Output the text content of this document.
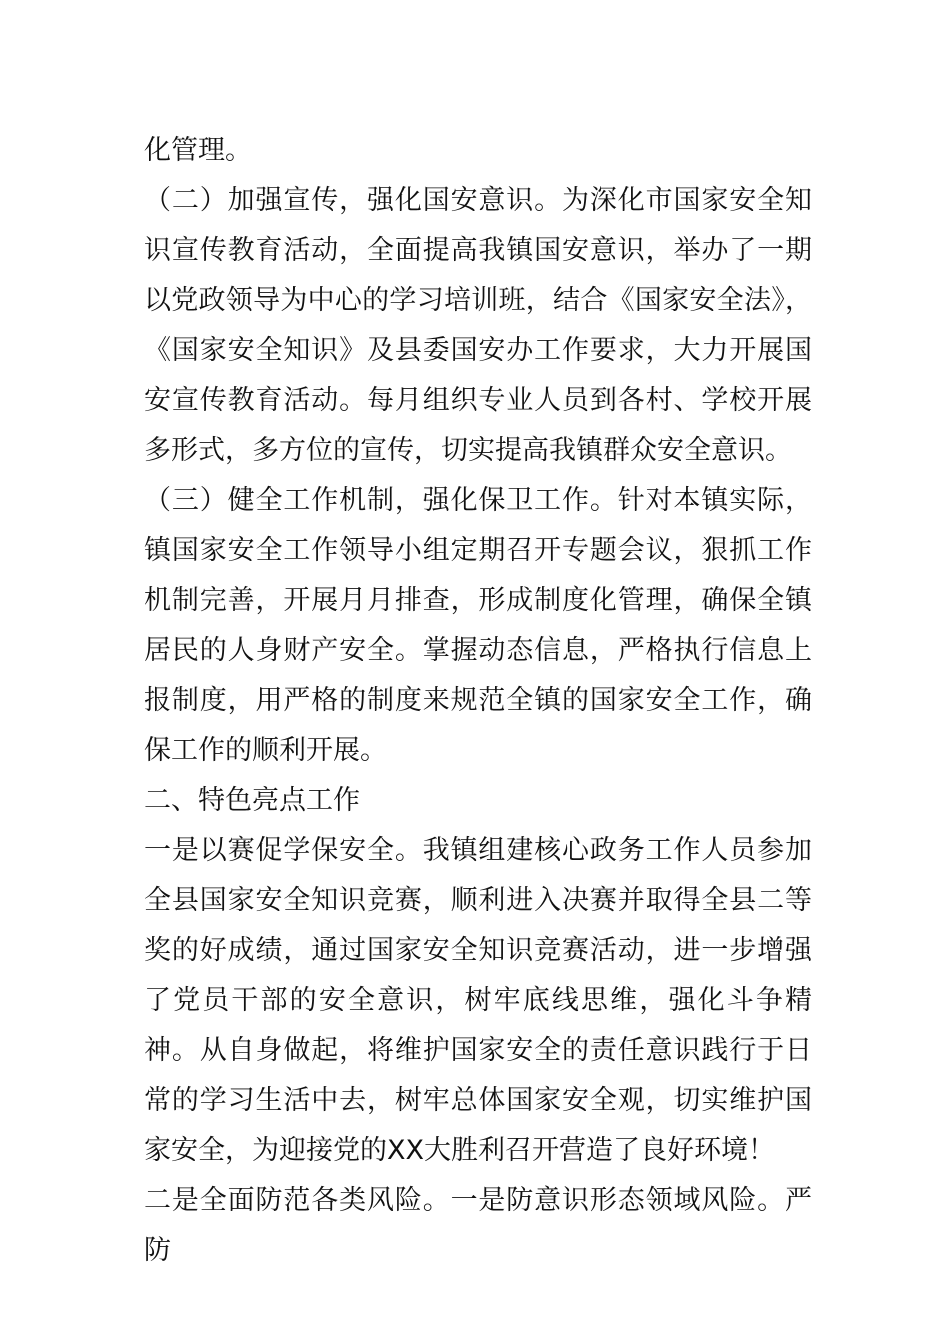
化管理。

（二）加强宣传，强化国安意识。为深化市国家安全知识宣传教育活动，全面提高我镇国安意识，举办了一期以党政领导为中心的学习培训班，结合《国家安全法》，《国家安全知识》及县委国安办工作要求，大力开展国安宣传教育活动。每月组织专业人员到各村、学校开展多形式，多方位的宣传，切实提高我镇群众安全意识。

（三）健全工作机制，强化保卫工作。针对本镇实际，镇国家安全工作领导小组定期召开专题会议，狠抓工作机制完善，开展月月排查，形成制度化管理，确保全镇居民的人身财产安全。掌握动态信息，严格执行信息上报制度，用严格的制度来规范全镇的国家安全工作，确保工作的顺利开展。

二、特色亮点工作

一是以赛促学保安全。我镇组建核心政务工作人员参加全县国家安全知识竞赛，顺利进入决赛并取得全县二等奖的好成绩，通过国家安全知识竞赛活动，进一步增强了党员干部的安全意识，树牢底线思维，强化斗争精神。从自身做起，将维护国家安全的责任意识践行于日常的学习生活中去，树牢总体国家安全观，切实维护国家安全，为迎接党的XX大胜利召开营造了良好环境！

二是全面防范各类风险。一是防意识形态领域风险。严防
